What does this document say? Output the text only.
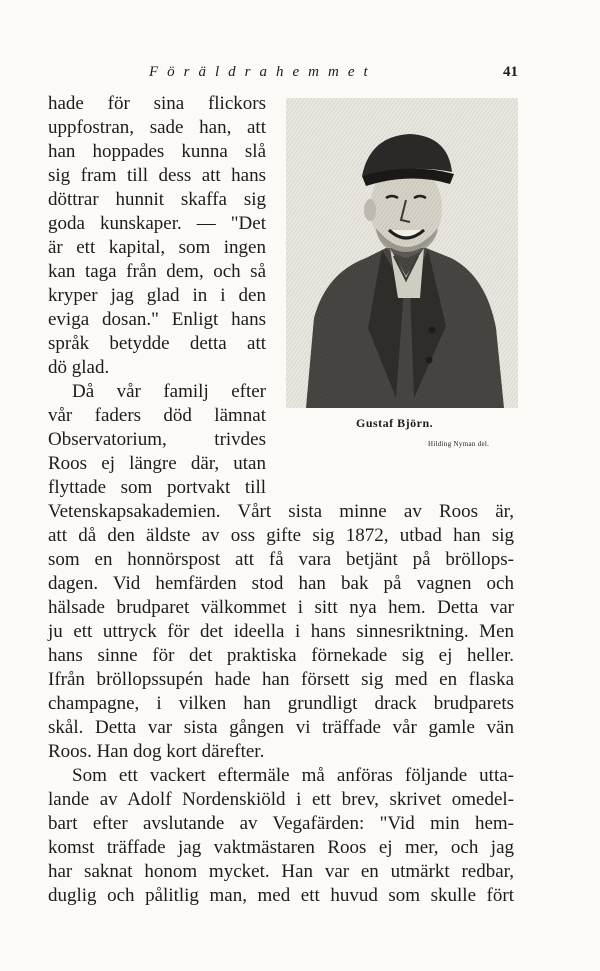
Föräldrahemmet	41
Gustaf Björn.
Hilding Nyman del.
hade för sina flickors
uppfostran, sade han, att
han hoppades kunna slå
sig fram till dess att hans
döttrar hunnit skaffa sig
goda kunskaper. — "Det
är ett kapital, som ingen
kan taga från dem, och så
kryper jag glad in i den
eviga dosan." Enligt hans
språk betydde detta att
dö glad.
Då vår familj efter
vår faders död lämnat
Observatorium, trivdes
Roos ej längre där, utan
flyttade som portvakt till
Vetenskapsakademien. Vårt sista minne av Roos är,
att då den äldste av oss gifte sig 1872, utbad han sig
som en honnörspost att få vara betjänt på bröllops-
dagen. Vid hemfärden stod han bak på vagnen och
hälsade brudparet välkommet i sitt nya hem. Detta var
ju ett uttryck för det ideella i hans sinnesriktning. Men
hans sinne för det praktiska förnekade sig ej heller.
Ifrån bröllopssupén hade han försett sig med en flaska
champagne, i vilken han grundligt drack brudparets
skål. Detta var sista gången vi träffade vår gamle vän
Roos. Han dog kort därefter.
Som ett vackert eftermäle må anföras följande utta-
lande av Adolf Nordenskiöld i ett brev, skrivet omedel-
bart efter avslutande av Vegafärden: "Vid min hem-
komst träffade jag vaktmästaren Roos ej mer, och jag
har saknat honom mycket. Han var en utmärkt redbar,
duglig och pålitlig man, med ett huvud som skulle fört
